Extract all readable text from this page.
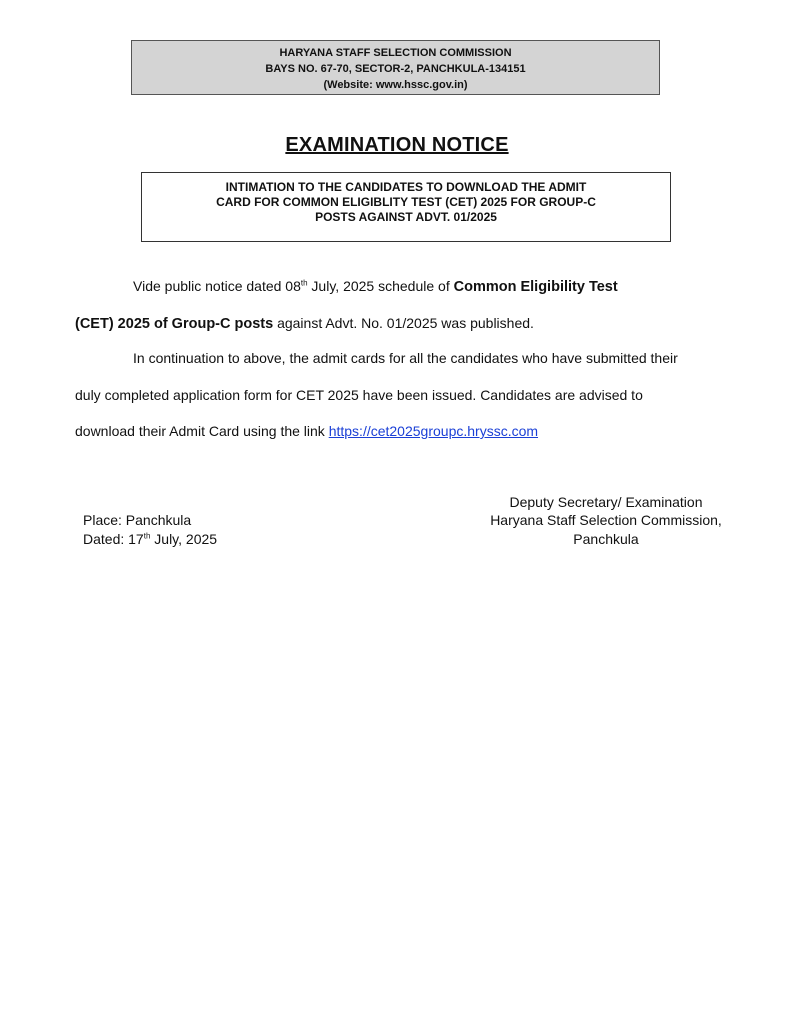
HARYANA STAFF SELECTION COMMISSION
BAYS NO. 67-70, SECTOR-2, PANCHKULA-134151
(Website: www.hssc.gov.in)
EXAMINATION NOTICE
INTIMATION TO THE CANDIDATES TO DOWNLOAD THE ADMIT
CARD FOR COMMON ELIGIBLITY TEST (CET) 2025 FOR GROUP-C
POSTS AGAINST ADVT. 01/2025
Vide public notice dated 08th July, 2025 schedule of Common Eligibility Test
(CET) 2025 of Group-C posts against Advt. No. 01/2025 was published.
In continuation to above, the admit cards for all the candidates who have submitted their
duly completed application form for CET 2025 have been issued. Candidates are advised to
download their Admit Card using the link https://cet2025groupc.hryssc.com
Deputy Secretary/ Examination
Haryana Staff Selection Commission,
Panchkula
Place: Panchkula
Dated: 17th July, 2025
